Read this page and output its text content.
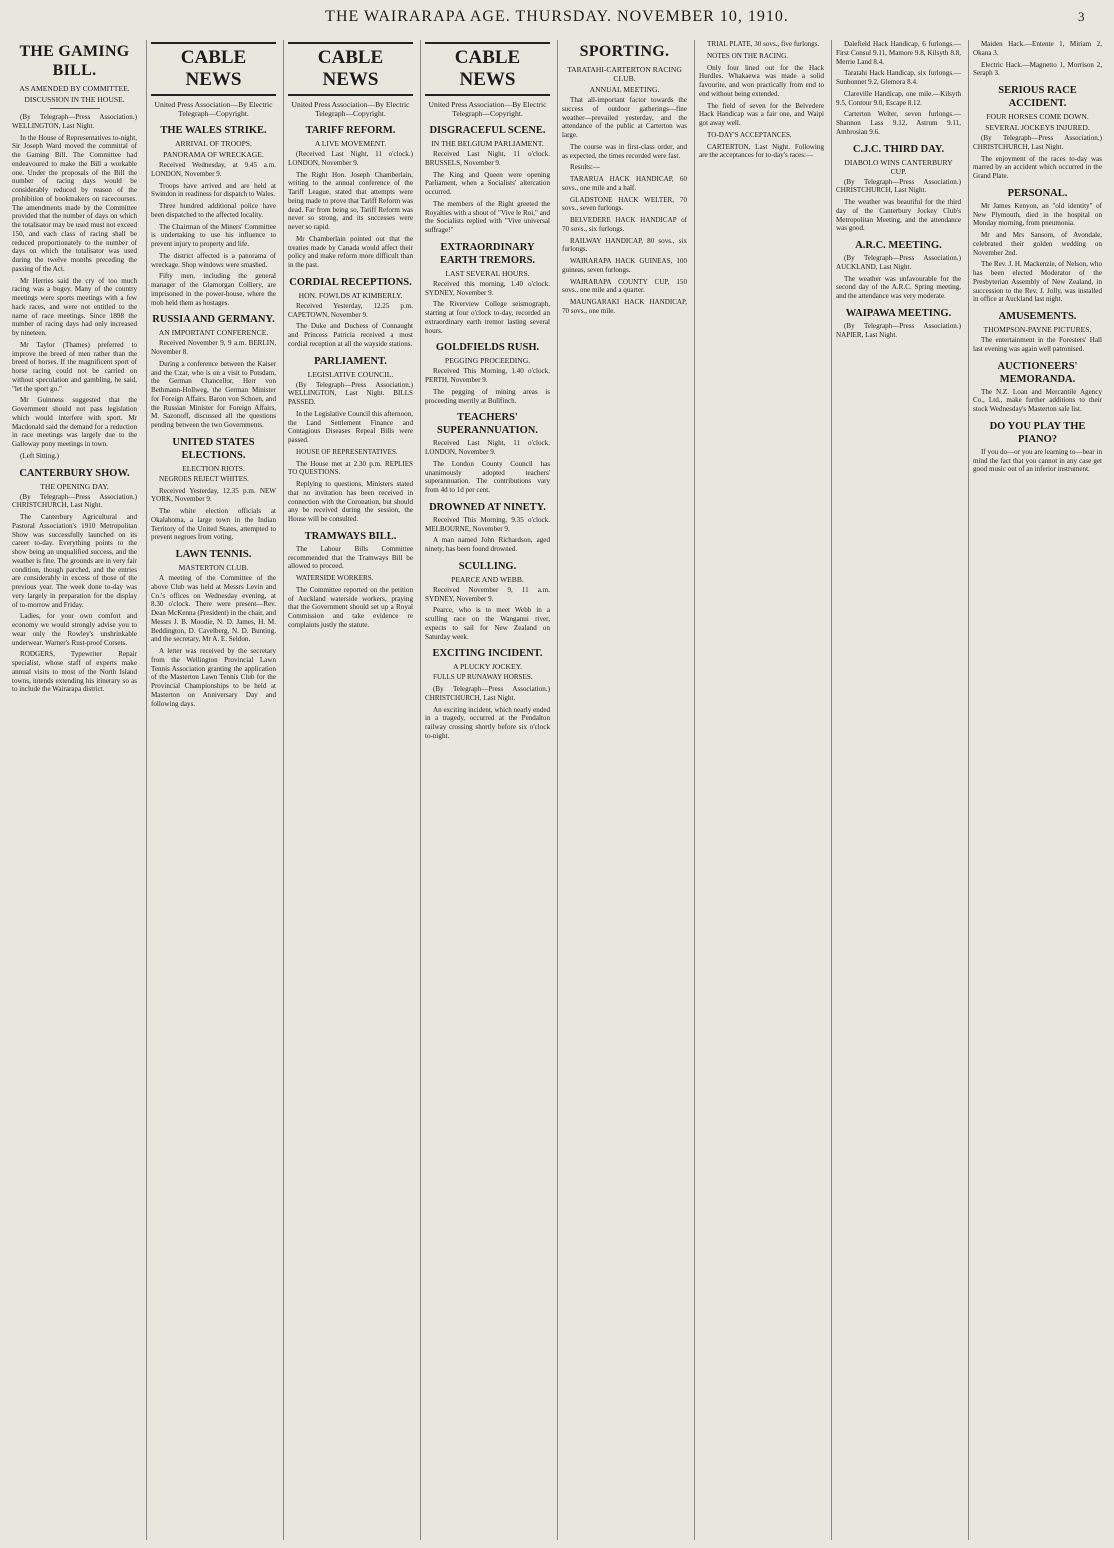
THE WAIRARAPA AGE. THURSDAY. NOVEMBER 10, 1910.	3
THE GAMING BILL.
AS AMENDED BY COMMITTEE.
DISCUSSION IN THE HOUSE.

(By Telegraph—Press Association.) WELLINGTON, Last Night.

In the House of Representatives to-night, Sir Joseph Ward moved the committal of the Gaming Bill. The Committee had endeavoured to make the Bill a workable one. Under the proposals of the Bill the number of racing days would be considerably reduced by reason of the prohibition of bookmakers on racecourses. The amendments made by the Committee provided that the number of days on which the totalisator may be used must not exceed 150, and each class of racing shall be reduced proportionately to the number of days on which the totalisator was used during the twelve months preceding the passing of the Act.

Mr Herries said the cry of too much racing was a bogey. Many of the country meetings were sports meetings with a few hack races, and were not entitled to the name of race meetings. Since 1898 the number of racing days had only increased by nineteen.

Mr Taylor (Thames) preferred to improve the breed of men rather than the breed of horses. If the magnificent sport of horse racing could not be carried on without speculation and gambling, he said, "let the sport go."

Mr Guinness suggested that the Government should not pass legislation which would interfere with sport. Mr Macdonald said the demand for a reduction in race meetings was largely due to the Galloway pony meetings in town.

(Left Sitting.)

CANTERBURY SHOW.
THE OPENING DAY.

(By Telegraph—Press Association.) CHRISTCHURCH, Last Night.

The Canterbury Agricultural and Pastoral Association's 1910 Metropolitan Show was successfully launched on its career to-day. Everything points to the show being an unqualified success, and the weather is fine. The grounds are in very fair condition, though parched, and the entries are considerably in excess of those of the previous year. The week done to-day was very largely in preparation for the display of to-morrow and Friday.

Ladies, for your own comfort and economy we would strongly advise you to wear only the Rowley's unshrinkable underwear. Warner's Rust-proof Corsets.

RODGERS, Typewriter Repair specialist, whose staff of experts make annual visits to most of the North Island towns, intends extending his itinerary so as to include the Wairarapa district.

CABLE NEWS
United Press Association—By Electric Telegraph—Copyright.
THE WALES STRIKE.
ARRIVAL OF TROOPS.
PANORAMA OF WRECKAGE.

Received Wednesday, at 9.45 a.m. LONDON, November 9.

Troops have arrived and are held at Swindon in readiness for dispatch to Wales.

Three hundred additional police have been dispatched to the affected locality.

The Chairman of the Miners' Committee is undertaking to use his influence to prevent injury to property and life.

The district affected is a panorama of wreckage. Shop windows were smashed.

Fifty men, including the general manager of the Glamorgan Colliery, are imprisoned in the power-house, where the mob held them as hostages.

RUSSIA AND GERMANY.
AN IMPORTANT CONFERENCE.

Received November 9, 9 a.m. BERLIN, November 8.

During a conference between the Kaiser and the Czar, who is on a visit to Potsdam, the German Chancellor, Herr von Bethmann-Hollweg, the German Minister for Foreign Affairs, Baron von Schoen, and the Russian Minister for Foreign Affairs, M. Sazonoff, discussed all the questions pending between the two Governments.

UNITED STATES ELECTIONS.
ELECTION RIOTS.

NEGROES REJECT WHITES.

Received Yesterday, 12.35 p.m. NEW YORK, November 9.

The white election officials at Okalahoma, a large town in the Indian Territory of the United States, attempted to prevent negroes from voting.

LAWN TENNIS.
MASTERTON CLUB.

A meeting of the Committee of the above Club was held at Messrs Levin and Co.'s offices on Wednesday evening, at 8.30 o'clock. There were present—Rev. Dean McKenna (President) in the chair, and Messrs J. B. Moodie, N. D. James, H. M. Beddington, D. Cavelberg, N. D. Bunting, and the secretary, Mr A. E. Seldon.

A letter was received by the secretary from the Wellington Provincial Lawn Tennis Association granting the application of the Masterton Lawn Tennis Club for the Provincial Championships to be held at Masterton on Anniversary Day and following days.

CABLE NEWS
United Press Association—By Electric Telegraph—Copyright.
TARIFF REFORM.
A LIVE MOVEMENT.

(Received Last Night, 11 o'clock.) LONDON, November 9.

The Right Hon. Joseph Chamberlain, writing to the annual conference of the Tariff League, stated that attempts were being made to prove that Tariff Reform was dead. Far from being so, Tariff Reform was never so strong, and its successes were never so rapid.

Mr Chamberlain pointed out that the treaties made by Canada would affect their policy and make reform more difficult than in the past.

CORDIAL RECEPTIONS.
HON. FOWLDS AT KIMBERLY.

Received Yesterday, 12.25 p.m. CAPETOWN, November 9.

The Duke and Duchess of Connaught and Princess Patricia received a most cordial reception at all the wayside stations.

PARLIAMENT.
LEGISLATIVE COUNCIL.

(By Telegraph—Press Association.) WELLINGTON, Last Night. BILLS PASSED.

In the Legislative Council this afternoon, the Land Settlement Finance and Contagious Diseases Repeal Bills were passed.

HOUSE OF REPRESENTATIVES.

The House met at 2.30 p.m. REPLIES TO QUESTIONS.

Replying to questions, Ministers stated that no invitation has been received in connection with the Coronation, but should any be received during the session, the House will be consulted.

TRAMWAYS BILL.

The Labour Bills Committee recommended that the Tramways Bill be allowed to proceed.

WATERSIDE WORKERS.

The Committee reported on the petition of Auckland waterside workers, praying that the Government should set up a Royal Commission and take evidence re complaints justly the statute.

CABLE NEWS
United Press Association—By Electric Telegraph—Copyright.
DISGRACEFUL SCENE.
IN THE BELGIUM PARLIAMENT.

Received Last Night, 11 o'clock. BRUSSELS, November 9.

The King and Queen were opening Parliament, when a Socialists' altercation occurred.

The members of the Right greeted the Royalties with a shout of "Vive le Roi," and the Socialists replied with "Vive universal suffrage!"

EXTRAORDINARY EARTH TREMORS.
LAST SEVERAL HOURS.

Received this morning, 1.40 o'clock. SYDNEY, November 9.

The Riverview College seismograph, starting at four o'clock to-day, recorded an extraordinary earth tremor lasting several hours.

GOLDFIELDS RUSH.
PEGGING PROCEEDING.

Received This Morning, 1.40 o'clock. PERTH, November 9.

The pegging of mining areas is proceeding merrily at Bullfinch.

TEACHERS' SUPERANNUATION.

Received Last Night, 11 o'clock. LONDON, November 9.

The London County Council has unanimously adopted teachers' superannuation. The contributions vary from 4d to 1d per cent.

DROWNED AT NINETY.

Received This Morning, 9.35 o'clock. MELBOURNE, November 9.

A man named John Richardson, aged ninety, has been found drowned.

SCULLING.
PEARCE AND WEBB.

Received November 9, 11 a.m. SYDNEY, November 9.

Pearce, who is to meet Webb in a sculling race on the Wanganui river, expects to sail for New Zealand on Saturday week.

EXCITING INCIDENT.
A PLUCKY JOCKEY.

FULLS UP RUNAWAY HORSES.

(By Telegraph—Press Association.) CHRISTCHURCH, Last Night.

An exciting incident, which nearly ended in a tragedy, occurred at the Pendalton railway crossing shortly before six o'clock to-night.

SPORTING.
TARATAHI-CARTERTON RACING CLUB.
ANNUAL MEETING.

That all-important factor towards the success of outdoor gatherings—fine weather—prevailed yesterday, and the attendance of the public at Carterton was large.

The course was in first-class order, and as expected, the times recorded were fast.

Results:—

TARARUA HACK HANDICAP, 60 sovs., one mile and a half.

GLADSTONE HACK WELTER, 70 sovs., seven furlongs.

BELVEDERE HACK HANDICAP of 70 sovs., six furlongs.

RAILWAY HANDICAP, 80 sovs., six furlongs.

WAIRARAPA HACK GUINEAS, 100 guineas, seven furlongs.

WAIRARAPA COUNTY CUP, 150 sovs., one mile and a quarter.

MAUNGARAKI HACK HANDICAP, 70 sovs., one mile.

TRIAL PLATE, 30 sovs., five furlongs.

NOTES ON THE RACING.

Only four lined out for the Hack Hurdles. Whakaewa was made a solid favourite, and won practically from end to end without being extended.

The field of seven for the Belvedere Hack Handicap was a fair one, and Waipi got away well.

TO-DAY'S ACCEPTANCES.

CARTERTON, Last Night. Following are the acceptances for to-day's races:—

Dalefield Hack Handicap, 6 furlongs.—First Consul 9.11, Mamore 9.8, Kilsyth 8.8, Merrie Land 8.4.

Taratahi Hack Handicap, six furlongs.—Sunbonnet 9.2, Glemora 8.4.

Clareville Handicap, one mile.—Kilsyth 9.5, Contour 9.0, Escape 8.12.

Carterton Welter, seven furlongs.—Shannon Lass 9.12, Astrum 9.11, Ambrosian 9.6.

C.J.C. THIRD DAY.
DIABOLO WINS CANTERBURY CUP.

(By Telegraph—Press Association.) CHRISTCHURCH, Last Night.

The weather was beautiful for the third day of the Canterbury Jockey Club's Metropolitan Meeting, and the attendance was good.

A.R.C. MEETING.

(By Telegraph—Press Association.) AUCKLAND, Last Night.

The weather was unfavourable for the second day of the A.R.C. Spring meeting, and the attendance was very moderate.

WAIPAWA MEETING.

(By Telegraph—Press Association.) NAPIER, Last Night.

Maiden Hack.—Entente 1, Miriam 2, Okana 3.

Electric Hack.—Magnetto 1, Morrison 2, Seraph 3.

SERIOUS RACE ACCIDENT.
FOUR HORSES COME DOWN.
SEVERAL JOCKEYS INJURED.

(By Telegraph—Press Association.) CHRISTCHURCH, Last Night.

The enjoyment of the races to-day was marred by an accident which occurred in the Grand Plate.

PERSONAL.

Mr James Kenyon, an "old identity" of New Plymouth, died in the hospital on Monday morning, from pneumonia.

Mr and Mrs Sansom, of Avondale, celebrated their golden wedding on November 2nd.

The Rev. J. H. Mackenzie, of Nelson, who has been elected Moderator of the Presbyterian Assembly of New Zealand, in succession to the Rev. J. Jolly, was installed in office at Auckland last night.

AMUSEMENTS.
THOMPSON-PAYNE PICTURES.

The entertainment in the Foresters' Hall last evening was again well patronised.

AUCTIONEERS' MEMORANDA.

The N.Z. Loan and Mercantile Agency Co., Ltd., make further additions to their stock Wednesday's Masterton sale list.

DO YOU PLAY THE PIANO?

If you do—or you are learning to—bear in mind the fact that you cannot in any case get good music out of an inferior instrument.
